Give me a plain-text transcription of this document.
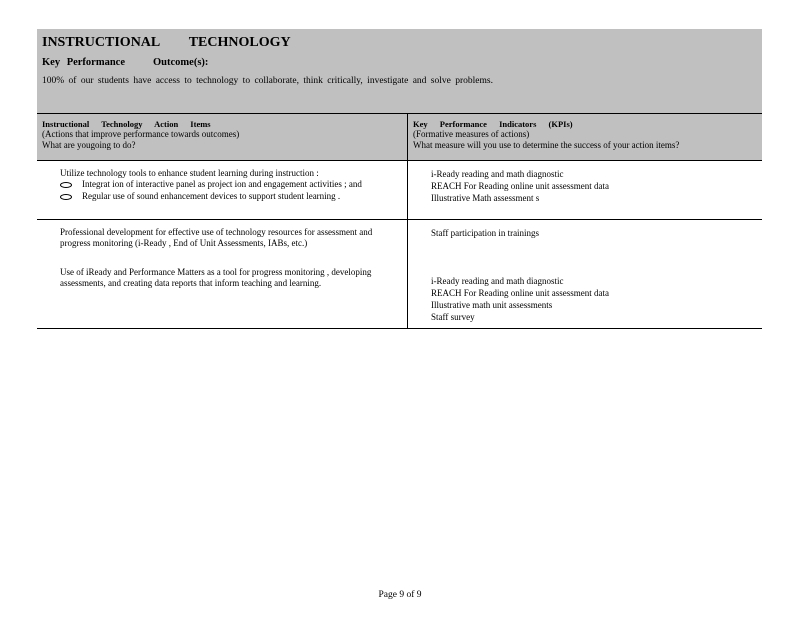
INSTRUCTIONAL TECHNOLOGY
Key Performance	Outcome(s):
100% of our students have access to technology to collaborate, think critically, investigate and solve problems.
Instructional Technology Action Items
(Actions that improve performance towards outcomes)
What are yougoing to do?
Key Performance Indicators (KPIs)
(Formative measures of actions)
What measure will you use to determine the success of your action items?
Utilize technology tools to enhance student learning during instruction :
Integrat ion of interactive panel as project ion and engagement activities ; and
Regular use of sound enhancement devices to support student learning .
i-Ready reading and math diagnostic
REACH For Reading online unit assessment data
Illustrative Math assessment s
Professional development for effective use of technology resources for assessment and progress monitoring (i-Ready , End of Unit Assessments, IABs, etc.)
Use of iReady and Performance Matters as a tool for progress monitoring , developing assessments, and creating data reports that inform teaching and learning.
Staff participation in trainings
i-Ready reading and math diagnostic
REACH For Reading online unit assessment data
Illustrative math unit assessments
Staff survey
Page 9 of 9
